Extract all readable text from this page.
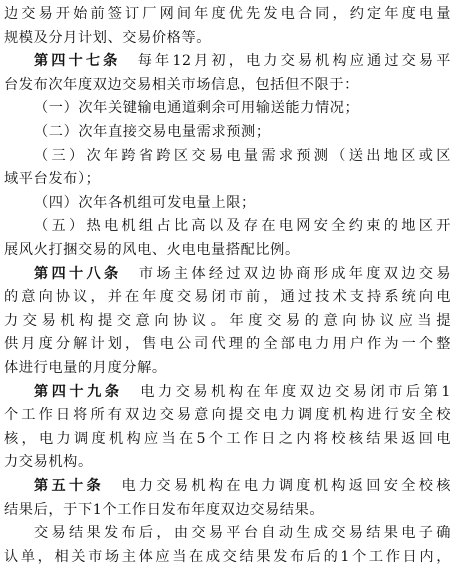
边交易开始前签订厂网间年度优先发电合同，约定年度电量
规模及分月计划、交易价格等。
第四十七条　每年12月初，电力交易机构应通过交易平
台发布次年度双边交易相关市场信息，包括但不限于：
（一）次年关键输电通道剩余可用输送能力情况；
（二）次年直接交易电量需求预测；
（三）次年跨省跨区交易电量需求预测（送出地区或区
域平台发布）；
（四）次年各机组可发电量上限；
（五）热电机组占比高以及存在电网安全约束的地区开
展风火打捆交易的风电、火电电量搭配比例。
第四十八条　市场主体经过双边协商形成年度双边交易
的意向协议，并在年度交易闭市前，通过技术支持系统向电
力交易机构提交意向协议。年度交易的意向协议应当提
供月度分解计划，售电公司代理的全部电力用户作为一个整
体进行电量的月度分解。
第四十九条　电力交易机构在年度双边交易闭市后第1
个工作日将所有双边交易意向提交电力调度机构进行安全校
核，电力调度机构应当在5个工作日之内将校核结果返回电
力交易机构。
第五十条　电力交易机构在电力调度机构返回安全校核
结果后，于下1个工作日发布年度双边交易结果。
交易结果发布后，由交易平台自动生成交易结果电子确
认单，相关市场主体应当在成交结果发布后的1个工作日内，
